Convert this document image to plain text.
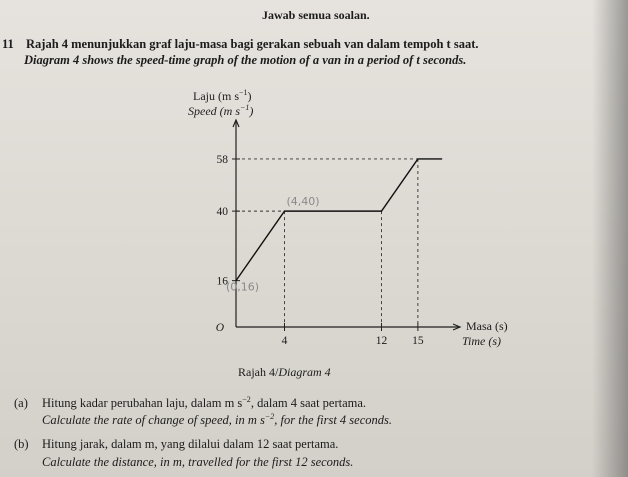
Jawab semua soalan.
11 Rajah 4 menunjukkan graf laju-masa bagi gerakan sebuah van dalam tempoh t saat.
Diagram 4 shows the speed-time graph of the motion of a van in a period of t seconds.
58
40
16
4	12 15
O
(4,40)
(0,16)
Laju (m $s^{-1}$)
Speed (m $s^{-1}$)
Masa (s)
Time (s)
Rajah 4/Diagram 4
(a) Hitung kadar perubahan laju, dalam m $s^{-2}$, dalam 4 saat pertama.
Calculate the rate of change of speed, in m $s^{-2}$, for the first 4 seconds.
(b) Hitung jarak, dalam m, yang dilalui dalam 12 saat pertama.
Calculate the distance, in m, travelled for the first 12 seconds.
